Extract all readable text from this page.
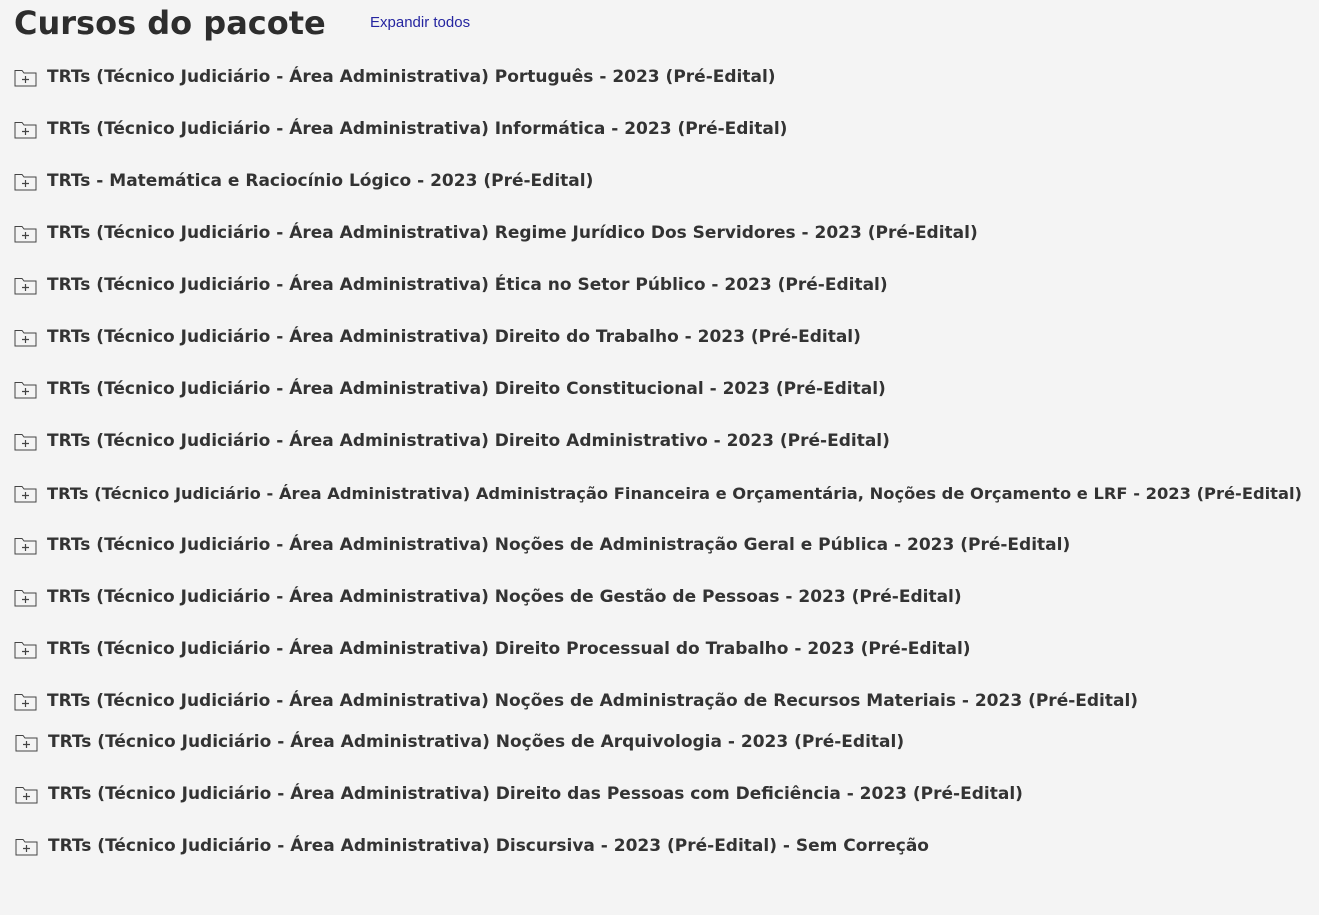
Cursos do pacote	Expandir todos
TRTs (Técnico Judiciário - Área Administrativa) Português - 2023 (Pré-Edital)
TRTs (Técnico Judiciário - Área Administrativa) Informática - 2023 (Pré-Edital)
TRTs - Matemática e Raciocínio Lógico - 2023 (Pré-Edital)
TRTs (Técnico Judiciário - Área Administrativa) Regime Jurídico Dos Servidores - 2023 (Pré-Edital)
TRTs (Técnico Judiciário - Área Administrativa) Ética no Setor Público - 2023 (Pré-Edital)
TRTs (Técnico Judiciário - Área Administrativa) Direito do Trabalho - 2023 (Pré-Edital)
TRTs (Técnico Judiciário - Área Administrativa) Direito Constitucional - 2023 (Pré-Edital)
TRTs (Técnico Judiciário - Área Administrativa) Direito Administrativo - 2023 (Pré-Edital)
TRTs (Técnico Judiciário - Área Administrativa) Administração Financeira e Orçamentária, Noções de Orçamento e LRF - 2023 (Pré-Edital)
TRTs (Técnico Judiciário - Área Administrativa) Noções de Administração Geral e Pública - 2023 (Pré-Edital)
TRTs (Técnico Judiciário - Área Administrativa) Noções de Gestão de Pessoas - 2023 (Pré-Edital)
TRTs (Técnico Judiciário - Área Administrativa) Direito Processual do Trabalho - 2023 (Pré-Edital)
TRTs (Técnico Judiciário - Área Administrativa) Noções de Administração de Recursos Materiais - 2023 (Pré-Edital)
TRTs (Técnico Judiciário - Área Administrativa) Noções de Arquivologia - 2023 (Pré-Edital)
TRTs (Técnico Judiciário - Área Administrativa) Direito das Pessoas com Deficiência - 2023 (Pré-Edital)
TRTs (Técnico Judiciário - Área Administrativa) Discursiva - 2023 (Pré-Edital) - Sem Correção
